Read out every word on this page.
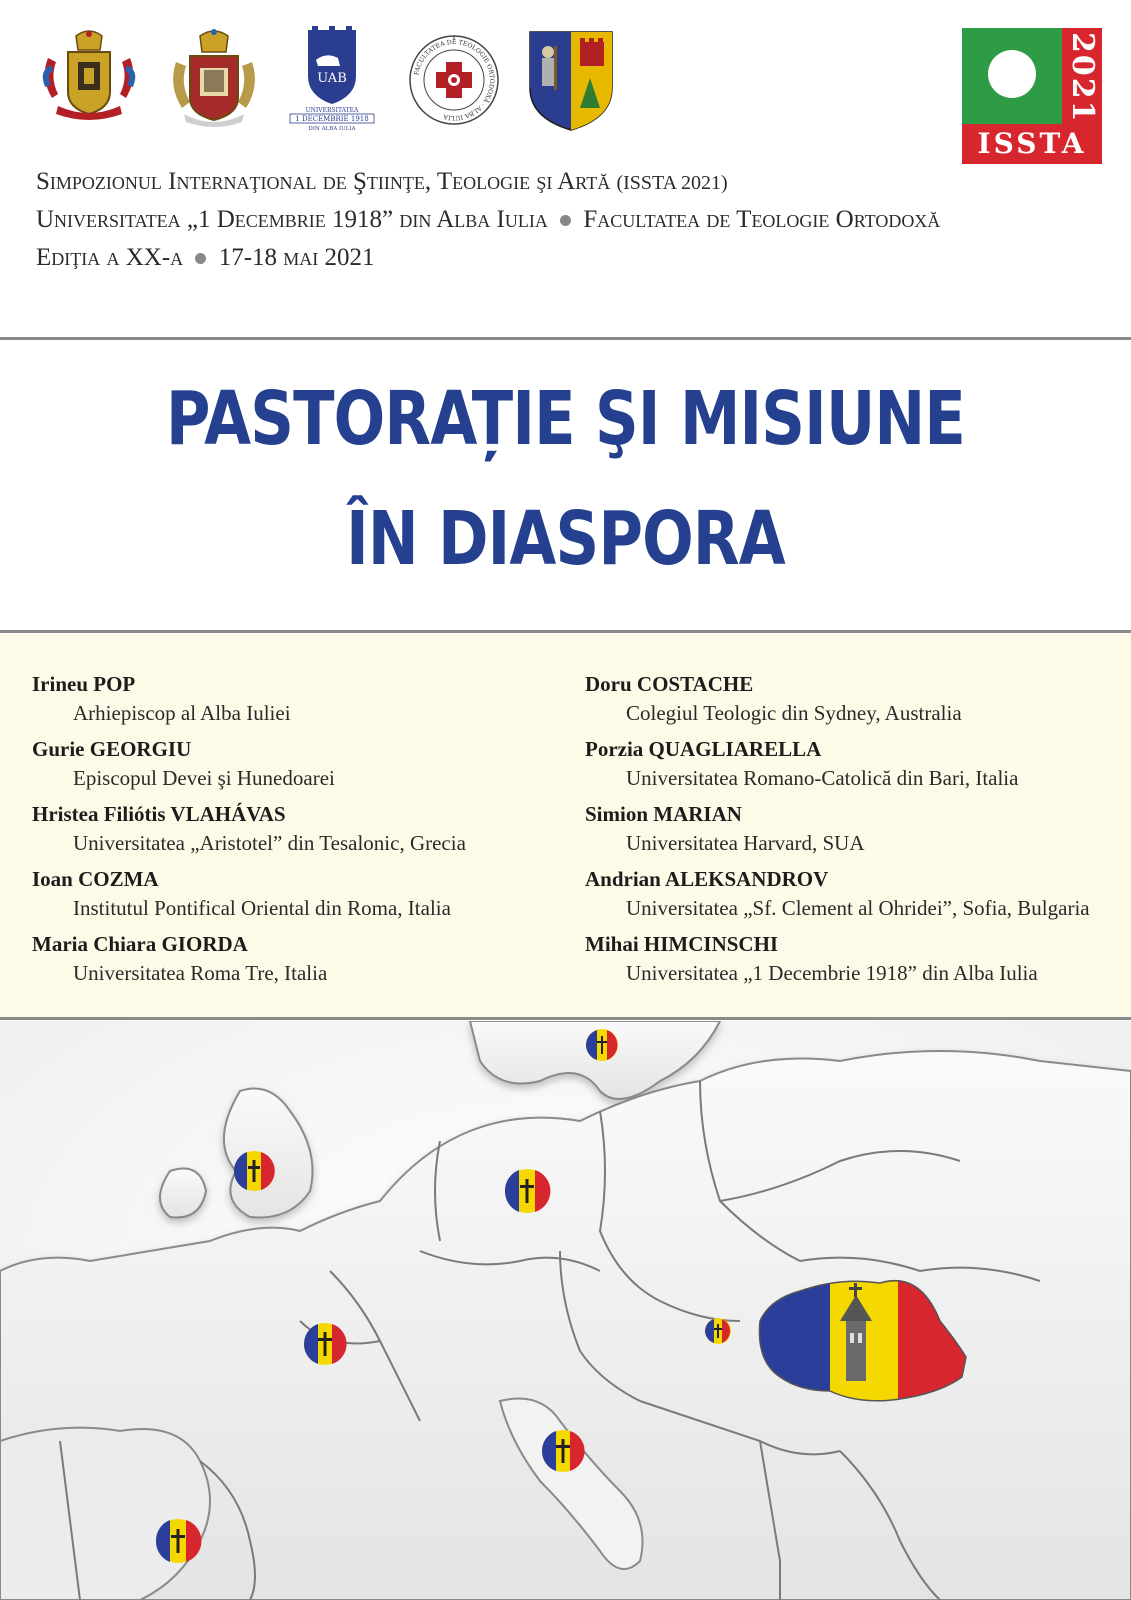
UAB
UNIVERSITATEA
1 DECEMBRIE 1918
DIN ALBA IULIA
FACULTATEA DE TEOLOGIE ORTODOXĂ · ALBA IULIA	2021
ISSTA
Simpozionul Internaţional de Ştiinţe, Teologie şi Artă (ISSTA 2021)
Universitatea „1 Decembrie 1918” din Alba Iulia Facultatea de Teologie Ortodoxă
Ediţia a XX-a 17-18 mai 2021
PASTORAȚIE ŞI MISIUNE
ÎN DIASPORA
Irineu POP
Arhiepiscop al Alba Iuliei
Gurie GEORGIU
Episcopul Devei şi Hunedoarei
Hristea Filiótis VLAHÁVAS
Universitatea „Aristotel” din Tesalonic, Grecia
Ioan COZMA
Institutul Pontifical Oriental din Roma, Italia
Maria Chiara GIORDA
Universitatea Roma Tre, Italia
Doru COSTACHE
Colegiul Teologic din Sydney, Australia
Porzia QUAGLIARELLA
Universitatea Romano-Catolică din Bari, Italia
Simion MARIAN
Universitatea Harvard, SUA
Andrian ALEKSANDROV
Universitatea „Sf. Clement al Ohridei”, Sofia, Bulgaria
Mihai HIMCINSCHI
Universitatea „1 Decembrie 1918” din Alba Iulia
